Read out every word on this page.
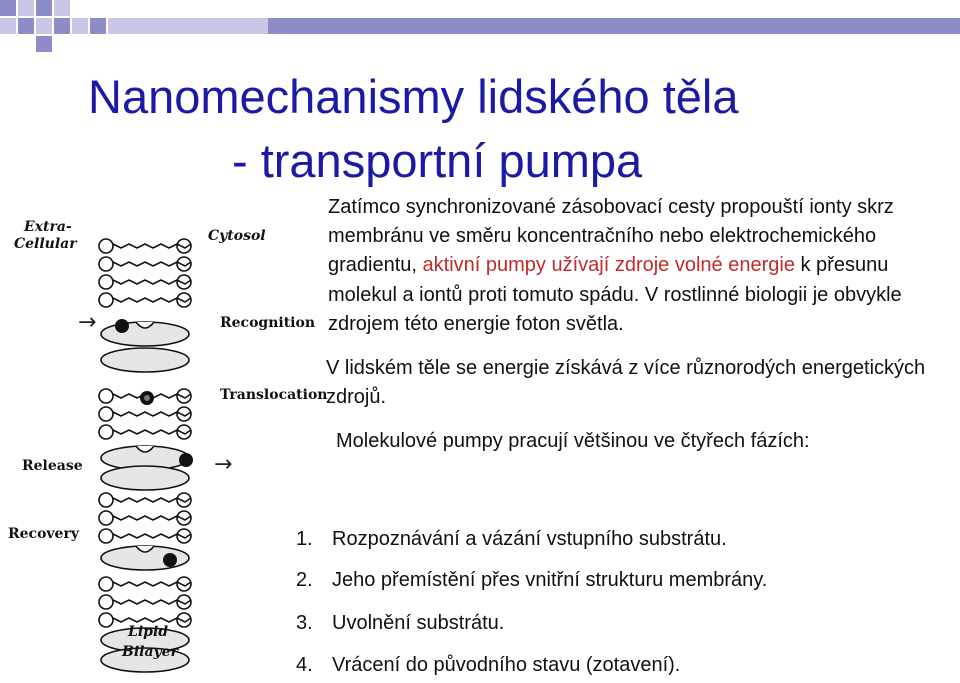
Nanomechanismy lidského těla
- transportní pumpa
Extra-
Cellular	Cytosol
Recognition
Translocation
Release
Recovery
Lipid
Bilayer
→
→

Zatímco synchronizované zásobovací cesty propouští ionty skrz membránu ve směru koncentračního nebo elektrochemického gradientu, aktivní pumpy užívají zdroje volné energie k přesunu molekul a iontů proti tomuto spádu. V rostlinné biologii je obvykle zdrojem této energie foton světla.

V lidském těle se energie získává z více různorodých energetických zdrojů.

Molekulové pumpy pracují většinou ve čtyřech fázích:

1. Rozpoznávání a vázání vstupního substrátu.
2. Jeho přemístění přes vnitřní strukturu membrány.
3. Uvolnění substrátu.
4. Vrácení do původního stavu (zotavení).
